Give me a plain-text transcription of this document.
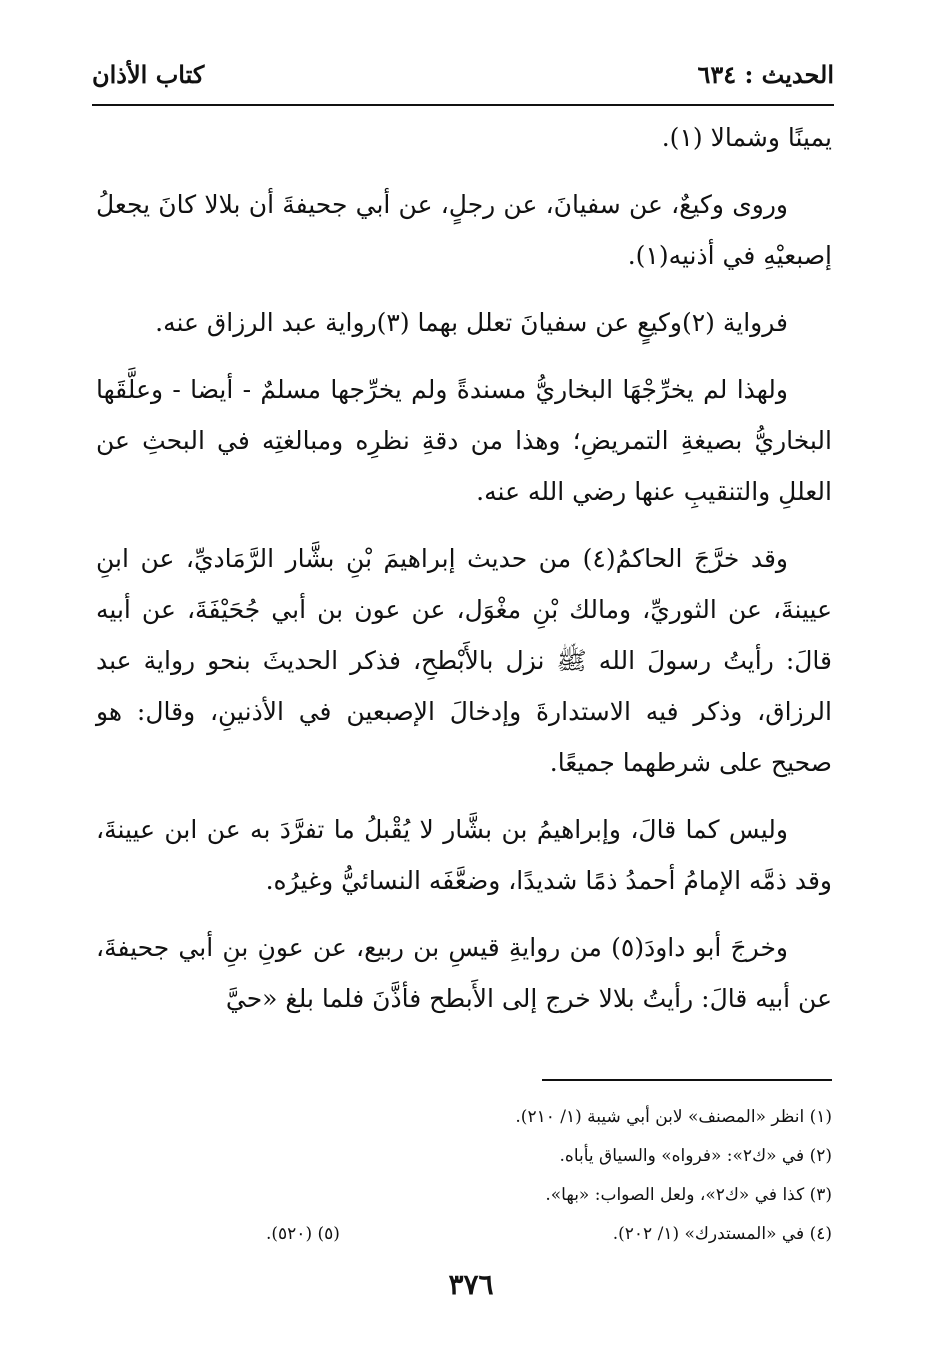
الحديث : ٦٣٤
كتاب الأذان

يمينًا وشمالا (١).

وروى وكيعٌ، عن سفيانَ، عن رجلٍ، عن أبي جحيفةَ أن بلالا كانَ يجعلُ إصبعيْهِ في أذنيه(١).

فرواية (٢)وكيعٍ عن سفيانَ تعلل بهما (٣)رواية عبد الرزاق عنه.

ولهذا لم يخرِّجْهَا البخاريُّ مسندةً ولم يخرِّجها مسلمٌ - أيضا - وعلَّقَها البخاريُّ بصيغةِ التمريضِ؛ وهذا من دقةِ نظرِه ومبالغتِه في البحثِ عن العللِ والتنقيبِ عنها رضي الله عنه.

وقد خرَّجَ الحاكمُ(٤) من حديث إبراهيمَ بْنِ بشَّار الرَّمَاديِّ، عن ابنِ عيينةَ، عن الثوريِّ، ومالك بْنِ مغْوَل، عن عون بن أبي جُحَيْفَةَ، عن أبيه قالَ: رأيتُ رسولَ الله ﷺ نزل بالأَبْطحِ، فذكر الحديثَ بنحو رواية عبد الرزاق، وذكر فيه الاستدارةَ وإدخالَ الإصبعين في الأذنينِ، وقال: هو صحيح على شرطهما جميعًا.

وليس كما قالَ، وإبراهيمُ بن بشَّار لا يُقْبلُ ما تفرَّدَ به عن ابن عيينةَ، وقد ذمَّه الإمامُ أحمدُ ذمًا شديدًا، وضعَّفَه النسائيُّ وغيرُه.

وخرجَ أبو داودَ(٥) من روايةِ قيسِ بن ربيع، عن عونِ بنِ أبي جحيفةَ، عن أبيه قالَ: رأيتُ بلالا خرج إلى الأَبطح فأذَّنَ فلما بلغ «حيَّ

(١) انظر «المصنف» لابن أبي شيبة (١/ ٢١٠).
(٢) في «ك٢»: «فرواه» والسياق يأباه.
(٣) كذا في «ك٢»، ولعل الصواب: «بها».
(٤) في «المستدرك» (١/ ٢٠٢).
(٥) (٥٢٠).
٣٧٦
